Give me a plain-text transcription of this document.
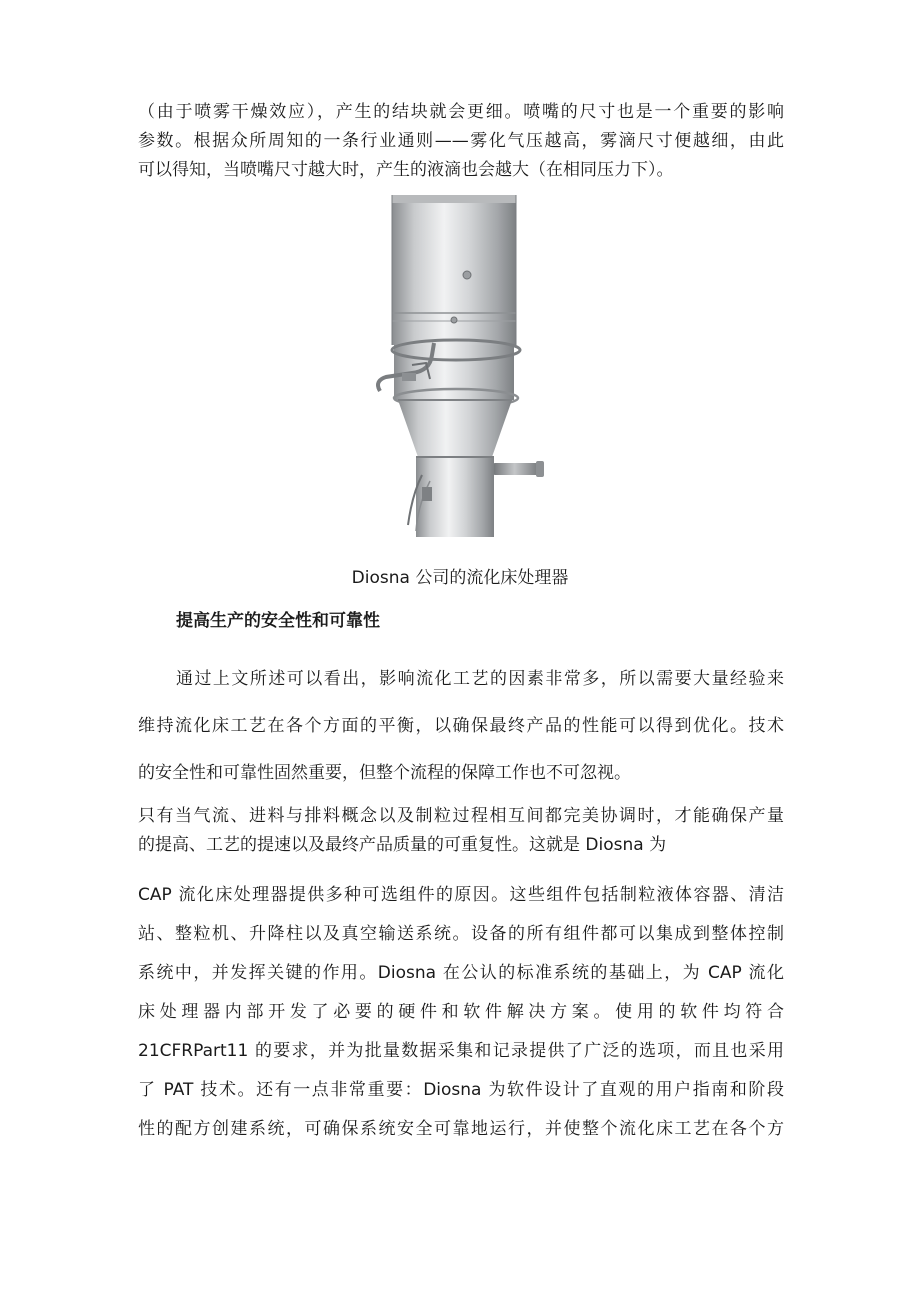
（由于喷雾干燥效应），产生的结块就会更细。喷嘴的尺寸也是一个重要的影响
参数。根据众所周知的一条行业通则——雾化气压越高，雾滴尺寸便越细，由此
可以得知，当喷嘴尺寸越大时，产生的液滴也会越大（在相同压力下）。

Diosna 公司的流化床处理器
提高生产的安全性和可靠性

通过上文所述可以看出，影响流化工艺的因素非常多，所以需要大量经验来
维持流化床工艺在各个方面的平衡，以确保最终产品的性能可以得到优化。技术
的安全性和可靠性固然重要，但整个流程的保障工作也不可忽视。

只有当气流、进料与排料概念以及制粒过程相互间都完美协调时，才能确保产量
的提高、工艺的提速以及最终产品质量的可重复性。这就是 Diosna 为

CAP 流化床处理器提供多种可选组件的原因。这些组件包括制粒液体容器、清洁
站、整粒机、升降柱以及真空输送系统。设备的所有组件都可以集成到整体控制
系统中，并发挥关键的作用。Diosna 在公认的标准系统的基础上，为 CAP 流化
床处理器内部开发了必要的硬件和软件解决方案。使用的软件均符合
21CFRPart11 的要求，并为批量数据采集和记录提供了广泛的选项，而且也采用
了 PAT 技术。还有一点非常重要：Diosna 为软件设计了直观的用户指南和阶段
性的配方创建系统，可确保系统安全可靠地运行，并使整个流化床工艺在各个方
